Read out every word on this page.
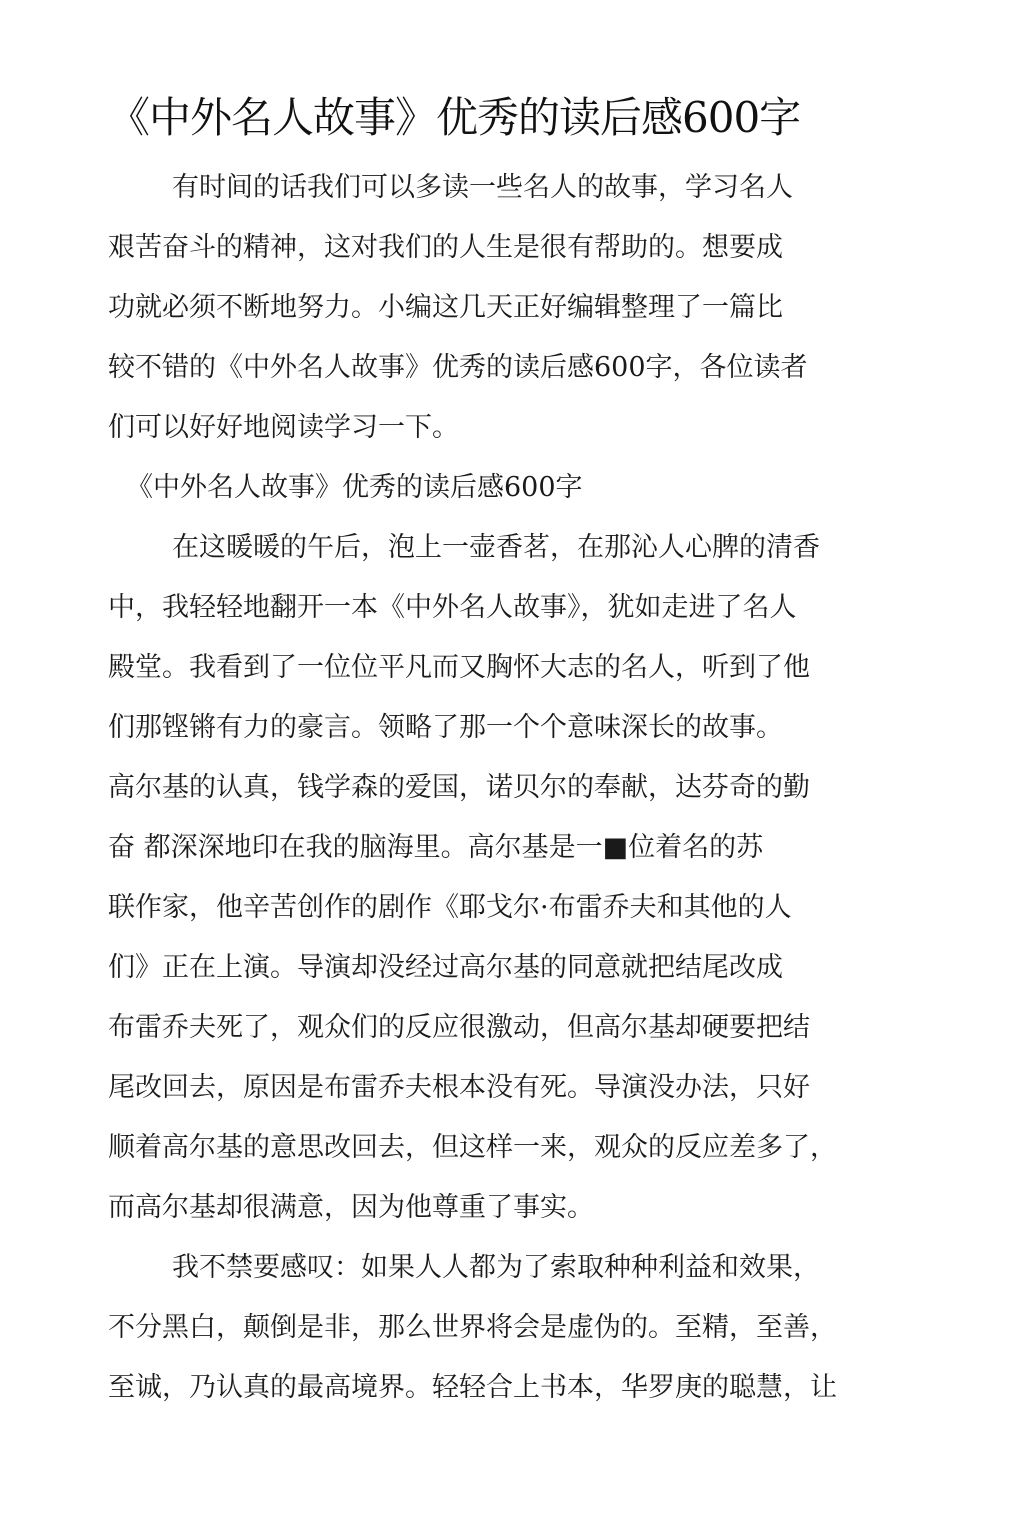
《中外名人故事》优秀的读后感600字
有时间的话我们可以多读一些名人的故事，学习名人
艰苦奋斗的精神，这对我们的人生是很有帮助的。想要成
功就必须不断地努力。小编这几天正好编辑整理了一篇比
较不错的《中外名人故事》优秀的读后感600字，各位读者
们可以好好地阅读学习一下。
《中外名人故事》优秀的读后感600字
在这暖暖的午后，泡上一壶香茗，在那沁人心脾的清香
中，我轻轻地翻开一本《中外名人故事》，犹如走进了名人
殿堂。我看到了一位位平凡而又胸怀大志的名人，听到了他
们那铿锵有力的豪言。领略了那一个个意味深长的故事。
高尔基的认真，钱学森的爱国，诺贝尔的奉献，达芬奇的勤
奋 都深深地印在我的脑海里。高尔基是一■位着名的苏
联作家，他辛苦创作的剧作《耶戈尔·布雷乔夫和其他的人
们》正在上演。导演却没经过高尔基的同意就把结尾改成
布雷乔夫死了，观众们的反应很激动，但高尔基却硬要把结
尾改回去，原因是布雷乔夫根本没有死。导演没办法，只好
顺着高尔基的意思改回去，但这样一来，观众的反应差多了，
而高尔基却很满意，因为他尊重了事实。
我不禁要感叹：如果人人都为了索取种种利益和效果，
不分黑白，颠倒是非，那么世界将会是虚伪的。至精，至善，
至诚，乃认真的最高境界。轻轻合上书本，华罗庚的聪慧，让
